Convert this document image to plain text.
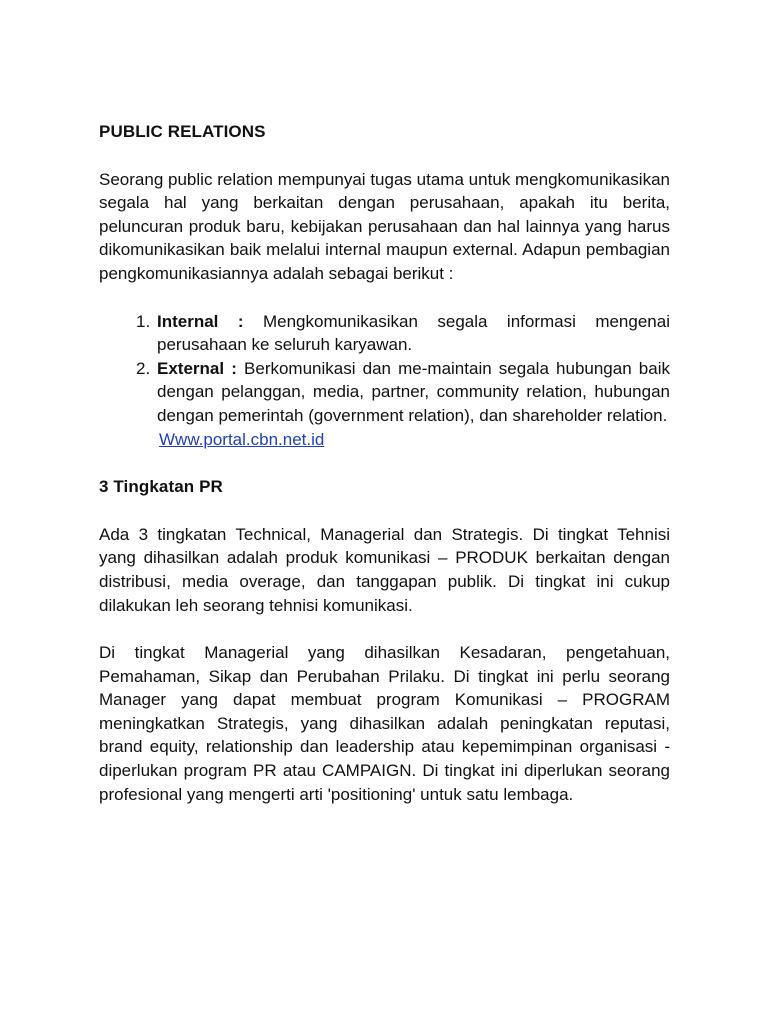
PUBLIC RELATIONS

Seorang public relation mempunyai tugas utama untuk mengkomunikasikan segala hal yang berkaitan dengan perusahaan, apakah itu berita, peluncuran produk baru, kebijakan perusahaan dan hal lainnya yang harus dikomunikasikan baik melalui internal maupun external. Adapun pembagian pengkomunikasiannya adalah sebagai berikut :

1. Internal : Mengkomunikasikan segala informasi mengenai perusahaan ke seluruh karyawan.
2. External : Berkomunikasi dan me-maintain segala hubungan baik dengan pelanggan, media, partner, community relation, hubungan dengan pemerintah (government relation), dan shareholder relation.
Www.portal.cbn.net.id

3 Tingkatan PR

Ada 3 tingkatan Technical, Managerial dan Strategis. Di tingkat Tehnisi yang dihasilkan adalah produk komunikasi – PRODUK berkaitan dengan distribusi, media overage, dan tanggapan publik. Di tingkat ini cukup dilakukan leh seorang tehnisi komunikasi.

Di tingkat Managerial yang dihasilkan Kesadaran, pengetahuan, Pemahaman, Sikap dan Perubahan Prilaku. Di tingkat ini perlu seorang Manager yang dapat membuat program Komunikasi – PROGRAM meningkatkan Strategis, yang dihasilkan adalah peningkatan reputasi, brand equity, relationship dan leadership atau kepemimpinan organisasi - diperlukan program PR atau CAMPAIGN. Di tingkat ini diperlukan seorang profesional yang mengerti arti 'positioning' untuk satu lembaga.
